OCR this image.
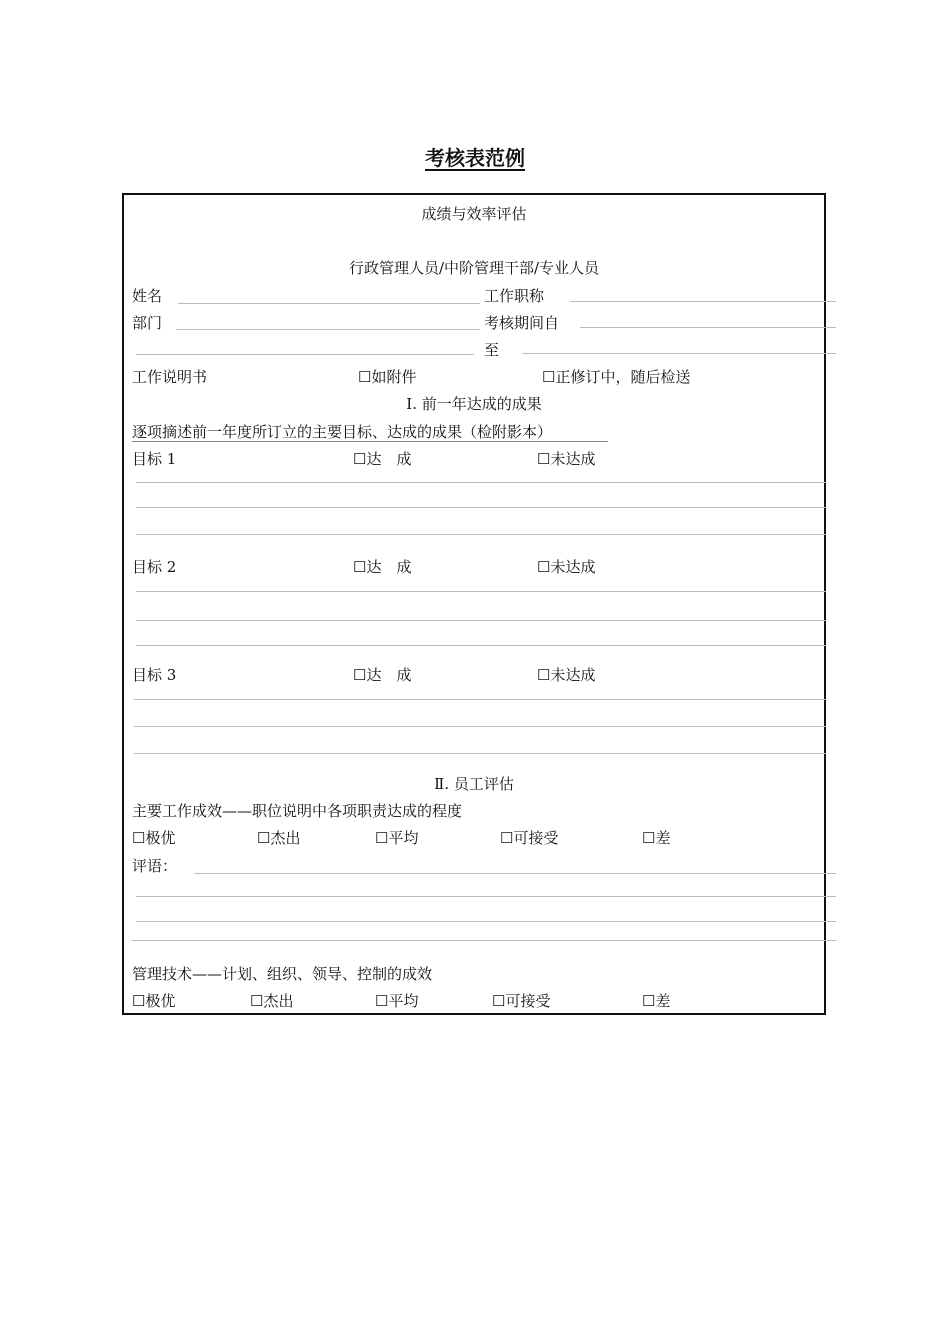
考核表范例
成绩与效率评估
行政管理人员/中阶管理干部/专业人员
姓名	工作职称
部门	考核期间自
至
工作说明书	☐如附件	☐正修订中，随后检送
Ⅰ. 前一年达成的成果
逐项摘述前一年度所订立的主要目标、达成的成果（检附影本）
目标 1	☐达　成	☐未达成
目标 2	☐达　成	☐未达成
目标 3	☐达　成	☐未达成
Ⅱ. 员工评估
主要工作成效——职位说明中各项职责达成的程度
☐极优	☐杰出	☐平均	☐可接受	☐差
评语：
管理技术——计划、组织、领导、控制的成效
☐极优	☐杰出	☐平均	☐可接受	☐差
